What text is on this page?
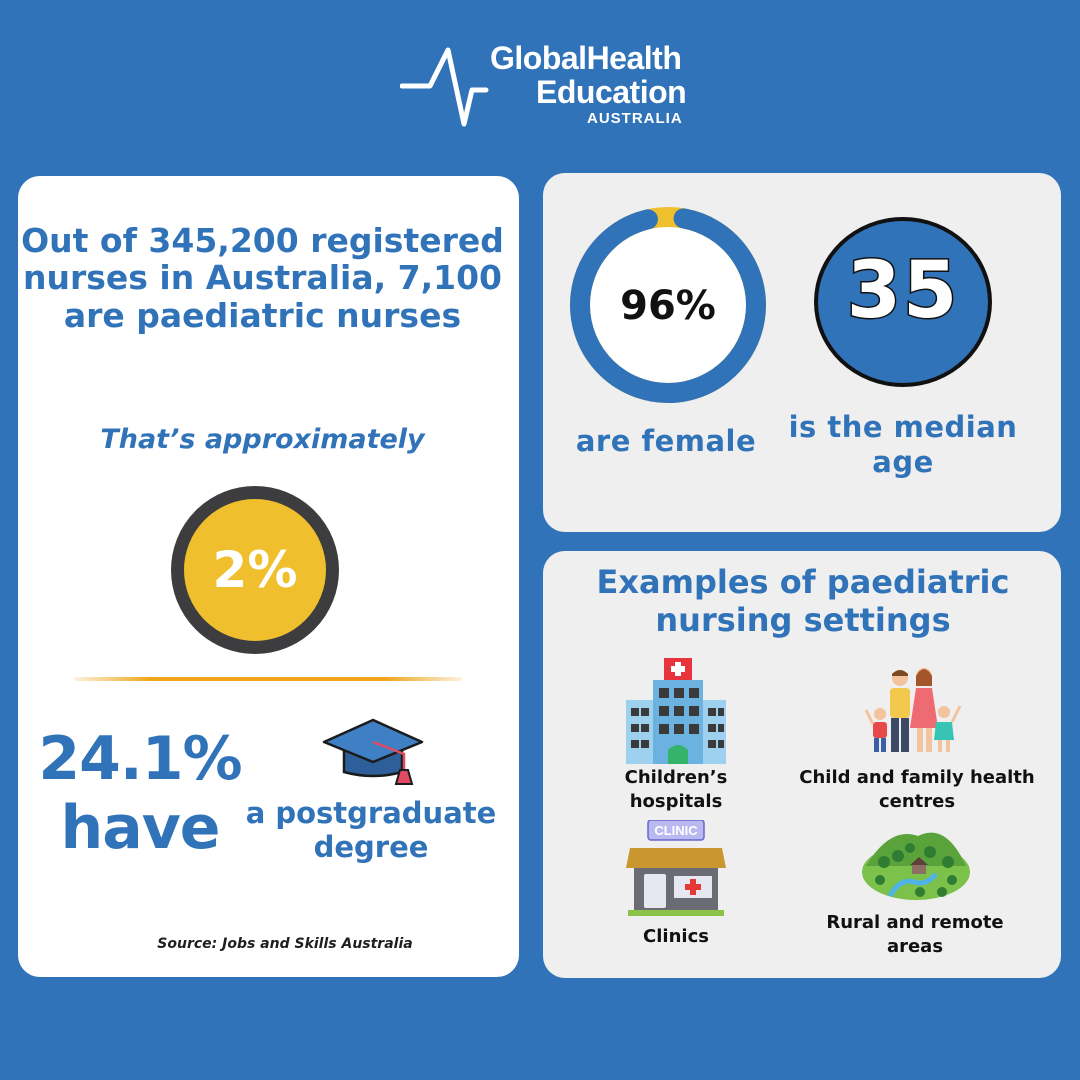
GlobalHealth
Education
AUSTRALIA
Out of 345,200 registered nurses in Australia, 7,100 are paediatric nurses
That’s approximately
2%
24.1%
have a postgraduate degree
Source: Jobs and Skills Australia
96%
are female
35
is the median age
Examples of paediatric nursing settings
CLINIC
Children’s hospitals
Child and family health centres
Clinics
Rural and remote areas
